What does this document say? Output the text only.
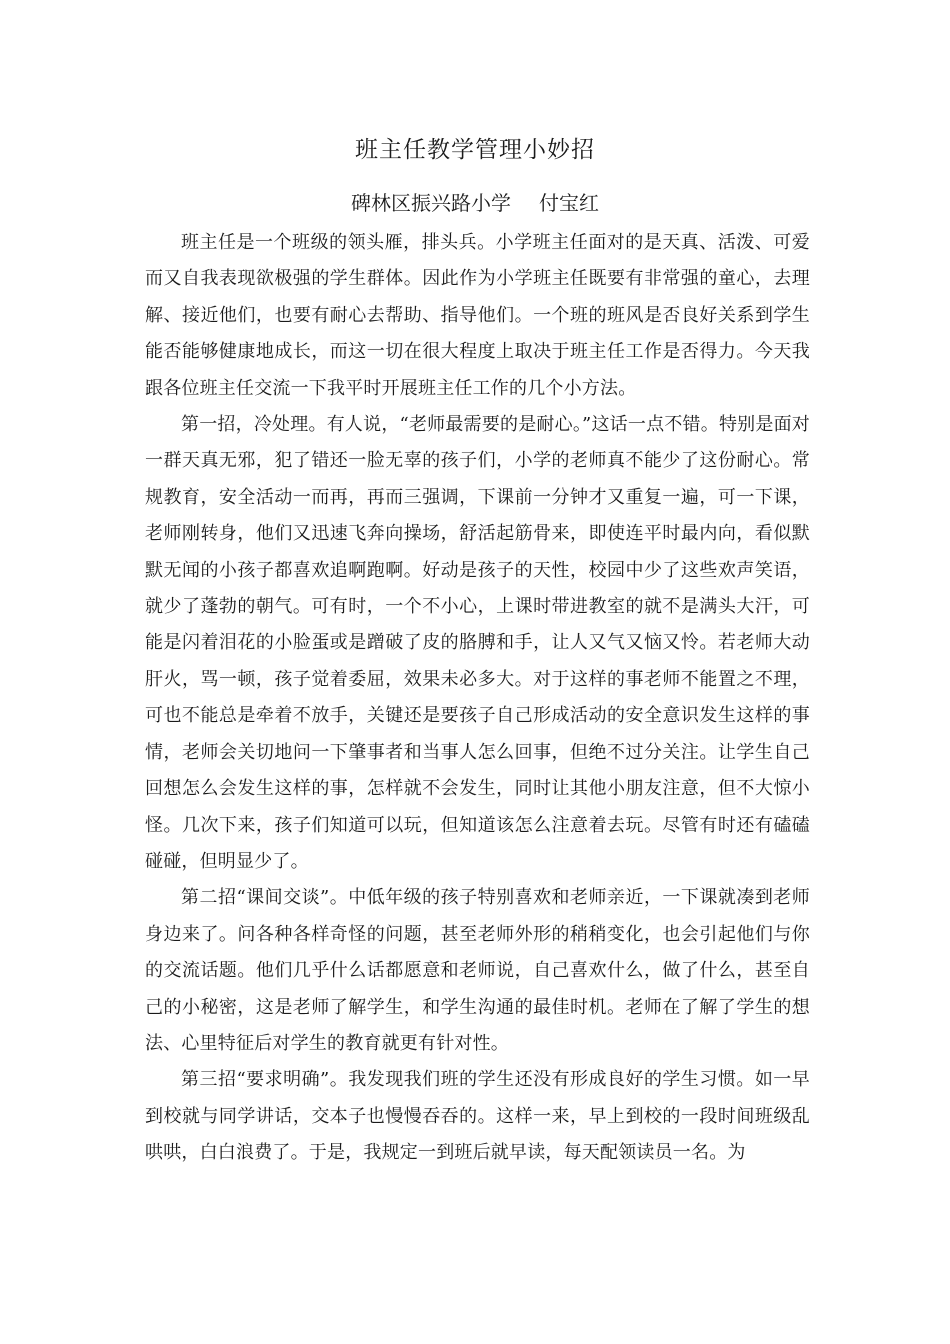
班主任教学管理小妙招
碑林区振兴路小学 付宝红

班主任是一个班级的领头雁，排头兵。小学班主任面对的是天真、活泼、可爱而又自我表现欲极强的学生群体。因此作为小学班主任既要有非常强的童心，去理解、接近他们，也要有耐心去帮助、指导他们。一个班的班风是否良好关系到学生能否能够健康地成长，而这一切在很大程度上取决于班主任工作是否得力。今天我跟各位班主任交流一下我平时开展班主任工作的几个小方法。

第一招，冷处理。有人说，“老师最需要的是耐心。”这话一点不错。特别是面对一群天真无邪，犯了错还一脸无辜的孩子们，小学的老师真不能少了这份耐心。常规教育，安全活动一而再，再而三强调，下课前一分钟才又重复一遍，可一下课，老师刚转身，他们又迅速飞奔向操场，舒活起筋骨来，即使连平时最内向，看似默默无闻的小孩子都喜欢追啊跑啊。好动是孩子的天性，校园中少了这些欢声笑语，就少了蓬勃的朝气。可有时，一个不小心，上课时带进教室的就不是满头大汗，可能是闪着泪花的小脸蛋或是蹭破了皮的胳膊和手，让人又气又恼又怜。若老师大动肝火，骂一顿，孩子觉着委屈，效果未必多大。对于这样的事老师不能置之不理，可也不能总是牵着不放手，关键还是要孩子自己形成活动的安全意识发生这样的事情，老师会关切地问一下肇事者和当事人怎么回事，但绝不过分关注。让学生自己回想怎么会发生这样的事，怎样就不会发生，同时让其他小朋友注意，但不大惊小怪。几次下来，孩子们知道可以玩，但知道该怎么注意着去玩。尽管有时还有磕磕碰碰，但明显少了。

第二招“课间交谈”。中低年级的孩子特别喜欢和老师亲近，一下课就凑到老师身边来了。问各种各样奇怪的问题，甚至老师外形的稍稍变化，也会引起他们与你的交流话题。他们几乎什么话都愿意和老师说，自己喜欢什么，做了什么，甚至自己的小秘密，这是老师了解学生，和学生沟通的最佳时机。老师在了解了学生的想法、心里特征后对学生的教育就更有针对性。

第三招“要求明确”。我发现我们班的学生还没有形成良好的学生习惯。如一早到校就与同学讲话，交本子也慢慢吞吞的。这样一来，早上到校的一段时间班级乱哄哄，白白浪费了。于是，我规定一到班后就早读，每天配领读员一名。为
